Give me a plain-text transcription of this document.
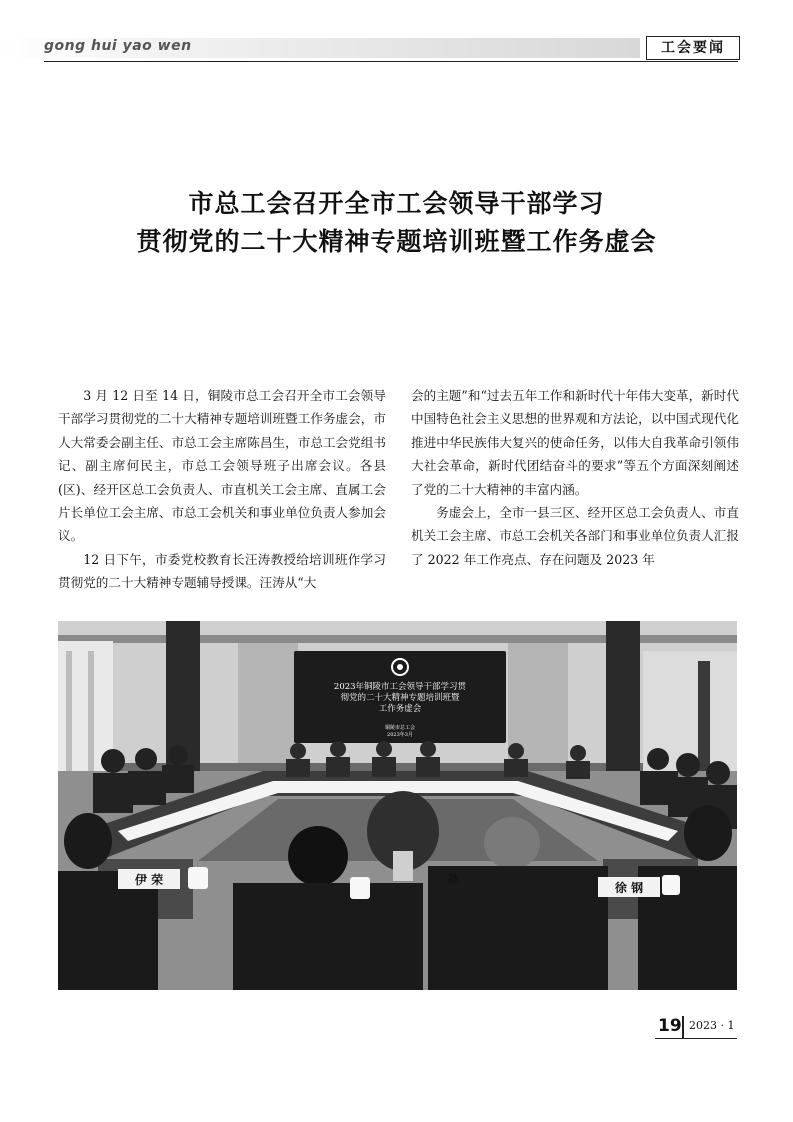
gong hui yao wen	工会要闻
市总工会召开全市工会领导干部学习
贯彻党的二十大精神专题培训班暨工作务虚会

3 月 12 日至 14 日，铜陵市总工会召开全市工会领导干部学习贯彻党的二十大精神专题培训班暨工作务虚会，市人大常委会副主任、市总工会主席陈昌生，市总工会党组书记、副主席何民主，市总工会领导班子出席会议。各县(区)、经开区总工会负责人、市直机关工会主席、直属工会片长单位工会主席、市总工会机关和事业单位负责人参加会议。

12 日下午，市委党校教育长汪涛教授给培训班作学习贯彻党的二十大精神专题辅导授课。汪涛从“大

会的主题”和“过去五年工作和新时代十年伟大变革，新时代中国特色社会主义思想的世界观和方法论，以中国式现代化推进中华民族伟大复兴的使命任务，以伟大自我革命引领伟大社会革命，新时代团结奋斗的要求”等五个方面深刻阐述了党的二十大精神的丰富内涵。

务虚会上，全市一县三区、经开区总工会负责人、市直机关工会主席、市总工会机关各部门和事业单位负责人汇报了 2022 年工作亮点、存在问题及 2023 年

2023年铜陵市工会领导干部学习贯
彻党的二十大精神专题培训班暨
工作务虚会
铜陵市总工会
2023年3月
伊 荣
徐 钢
孙
19 2023 · 1
